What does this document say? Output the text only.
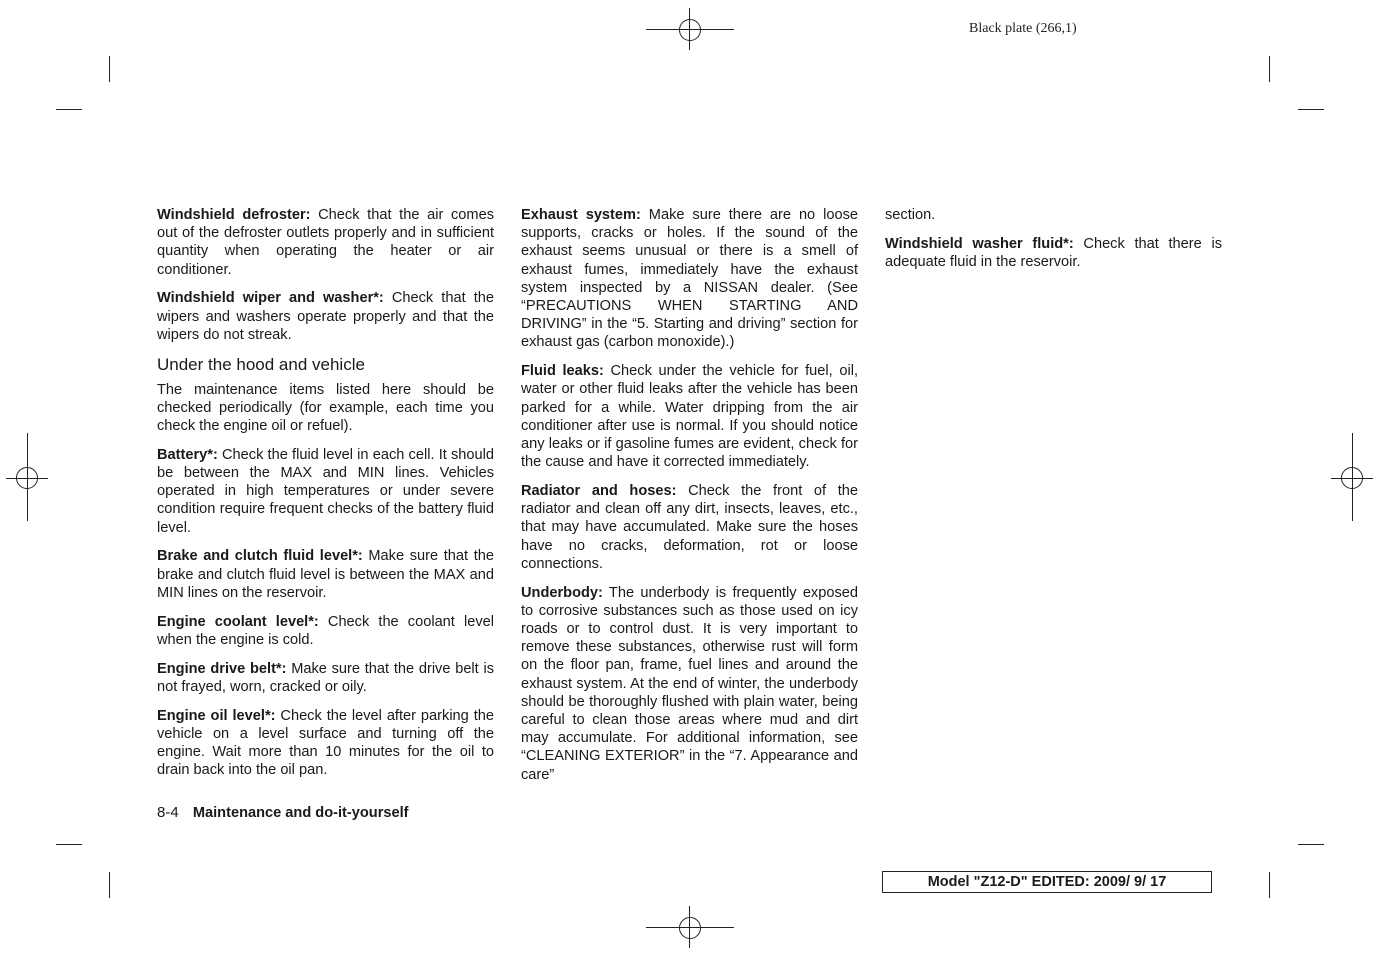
Black plate (266,1)

Windshield defroster: Check that the air comes out of the defroster outlets properly and in sufficient quantity when operating the heater or air conditioner.

Windshield wiper and washer*: Check that the wipers and washers operate properly and that the wipers do not streak.

Under the hood and vehicle

The maintenance items listed here should be checked periodically (for example, each time you check the engine oil or refuel).

Battery*: Check the fluid level in each cell. It should be between the MAX and MIN lines. Vehicles operated in high temperatures or under severe condition require frequent checks of the battery fluid level.

Brake and clutch fluid level*: Make sure that the brake and clutch fluid level is between the MAX and MIN lines on the reservoir.

Engine coolant level*: Check the coolant level when the engine is cold.

Engine drive belt*: Make sure that the drive belt is not frayed, worn, cracked or oily.

Engine oil level*: Check the level after parking the vehicle on a level surface and turning off the engine. Wait more than 10 minutes for the oil to drain back into the oil pan.

Exhaust system: Make sure there are no loose supports, cracks or holes. If the sound of the exhaust seems unusual or there is a smell of exhaust fumes, immediately have the exhaust system inspected by a NISSAN dealer. (See “PRECAUTIONS WHEN STARTING AND DRIVING” in the “5. Starting and driving” section for exhaust gas (carbon monoxide).)

Fluid leaks: Check under the vehicle for fuel, oil, water or other fluid leaks after the vehicle has been parked for a while. Water dripping from the air conditioner after use is normal. If you should notice any leaks or if gasoline fumes are evident, check for the cause and have it corrected immediately.

Radiator and hoses: Check the front of the radiator and clean off any dirt, insects, leaves, etc., that may have accumulated. Make sure the hoses have no cracks, deformation, rot or loose connections.

Underbody: The underbody is frequently exposed to corrosive substances such as those used on icy roads or to control dust. It is very important to remove these substances, otherwise rust will form on the floor pan, frame, fuel lines and around the exhaust system. At the end of winter, the underbody should be thoroughly flushed with plain water, being careful to clean those areas where mud and dirt may accumulate. For additional information, see “CLEANING EXTERIOR” in the “7. Appearance and care”

section.

Windshield washer fluid*: Check that there is adequate fluid in the reservoir.

8-4 Maintenance and do-it-yourself
Model "Z12-D" EDITED: 2009/ 9/ 17
